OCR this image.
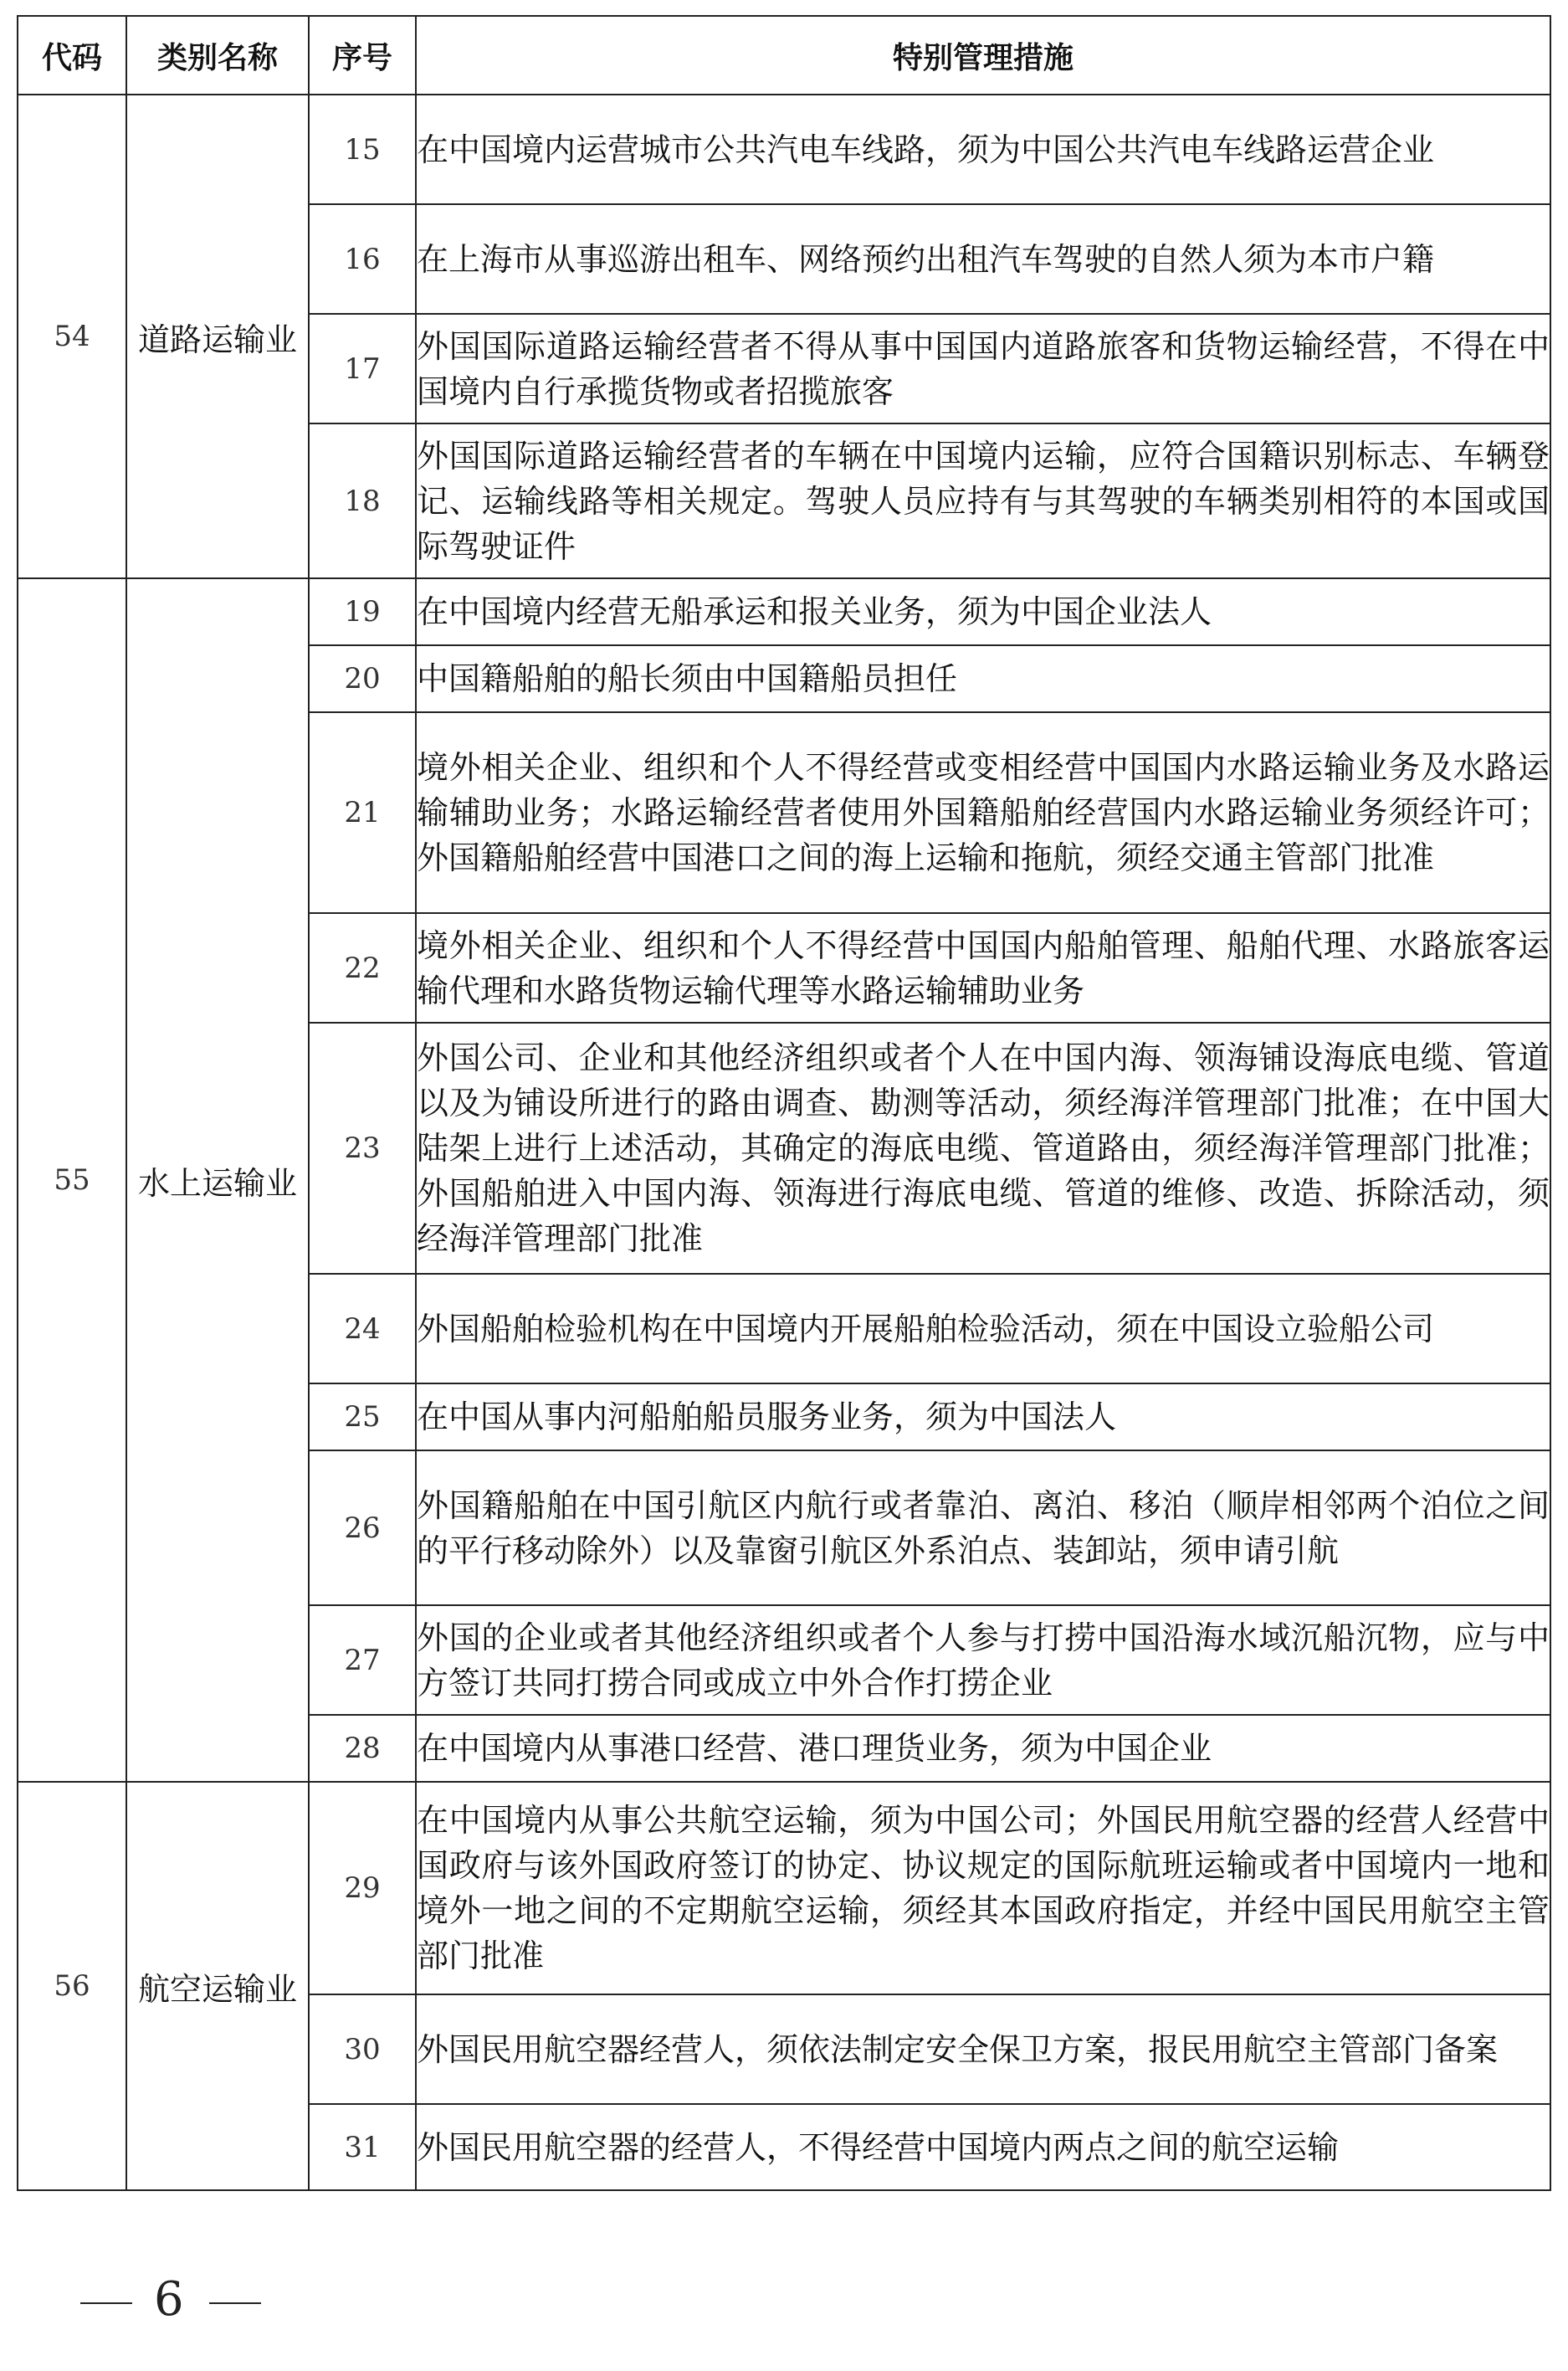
代码	类别名称	序号	特别管理措施
54	道路运输业	15	在中国境内运营城市公共汽电车线路，须为中国公共汽电车线路运营企业
		16	在上海市从事巡游出租车、网络预约出租汽车驾驶的自然人须为本市户籍
		17	外国国际道路运输经营者不得从事中国国内道路旅客和货物运输经营，不得在中国境内自行承揽货物或者招揽旅客
		18	外国国际道路运输经营者的车辆在中国境内运输，应符合国籍识别标志、车辆登记、运输线路等相关规定。驾驶人员应持有与其驾驶的车辆类别相符的本国或国际驾驶证件
55	水上运输业	19	在中国境内经营无船承运和报关业务，须为中国企业法人
		20	中国籍船舶的船长须由中国籍船员担任
		21	境外相关企业、组织和个人不得经营或变相经营中国国内水路运输业务及水路运输辅助业务；水路运输经营者使用外国籍船舶经营国内水路运输业务须经许可；外国籍船舶经营中国港口之间的海上运输和拖航，须经交通主管部门批准
		22	境外相关企业、组织和个人不得经营中国国内船舶管理、船舶代理、水路旅客运输代理和水路货物运输代理等水路运输辅助业务
		23	外国公司、企业和其他经济组织或者个人在中国内海、领海铺设海底电缆、管道以及为铺设所进行的路由调查、勘测等活动，须经海洋管理部门批准；在中国大陆架上进行上述活动，其确定的海底电缆、管道路由，须经海洋管理部门批准；外国船舶进入中国内海、领海进行海底电缆、管道的维修、改造、拆除活动，须经海洋管理部门批准
		24	外国船舶检验机构在中国境内开展船舶检验活动，须在中国设立验船公司
		25	在中国从事内河船舶船员服务业务，须为中国法人
		26	外国籍船舶在中国引航区内航行或者靠泊、离泊、移泊（顺岸相邻两个泊位之间的平行移动除外）以及靠窗引航区外系泊点、装卸站，须申请引航
		27	外国的企业或者其他经济组织或者个人参与打捞中国沿海水域沉船沉物，应与中方签订共同打捞合同或成立中外合作打捞企业
		28	在中国境内从事港口经营、港口理货业务，须为中国企业
56	航空运输业	29	在中国境内从事公共航空运输，须为中国公司；外国民用航空器的经营人经营中国政府与该外国政府签订的协定、协议规定的国际航班运输或者中国境内一地和境外一地之间的不定期航空运输，须经其本国政府指定，并经中国民用航空主管部门批准
		30	外国民用航空器经营人，须依法制定安全保卫方案，报民用航空主管部门备案
		31	外国民用航空器的经营人，不得经营中国境内两点之间的航空运输
6
